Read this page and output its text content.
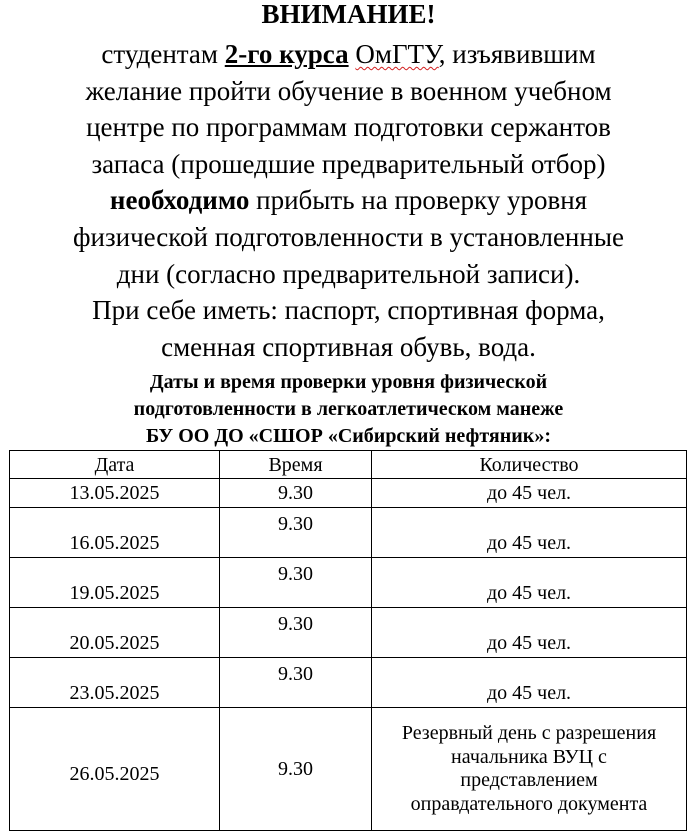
ВНИМАНИЕ!
студентам 2-го курса ОмГТУ, изъявившим
желание пройти обучение в военном учебном
центре по программам подготовки сержантов
запаса (прошедшие предварительный отбор)
необходимо прибыть на проверку уровня
физической подготовленности в установленные
дни (согласно предварительной записи).
При себе иметь: паспорт, спортивная форма,
сменная спортивная обувь, вода.
Даты и время проверки уровня физической
подготовленности в легкоатлетическом манеже
БУ ОО ДО «СШОР «Сибирский нефтяник»:
Дата	Время	Количество
13.05.2025	9.30	до 45 чел.
16.05.2025	9.30	до 45 чел.
19.05.2025	9.30	до 45 чел.
20.05.2025	9.30	до 45 чел.
23.05.2025	9.30	до 45 чел.
26.05.2025	9.30	Резервный день с разрешения
начальника ВУЦ с
представлением
оправдательного документа
